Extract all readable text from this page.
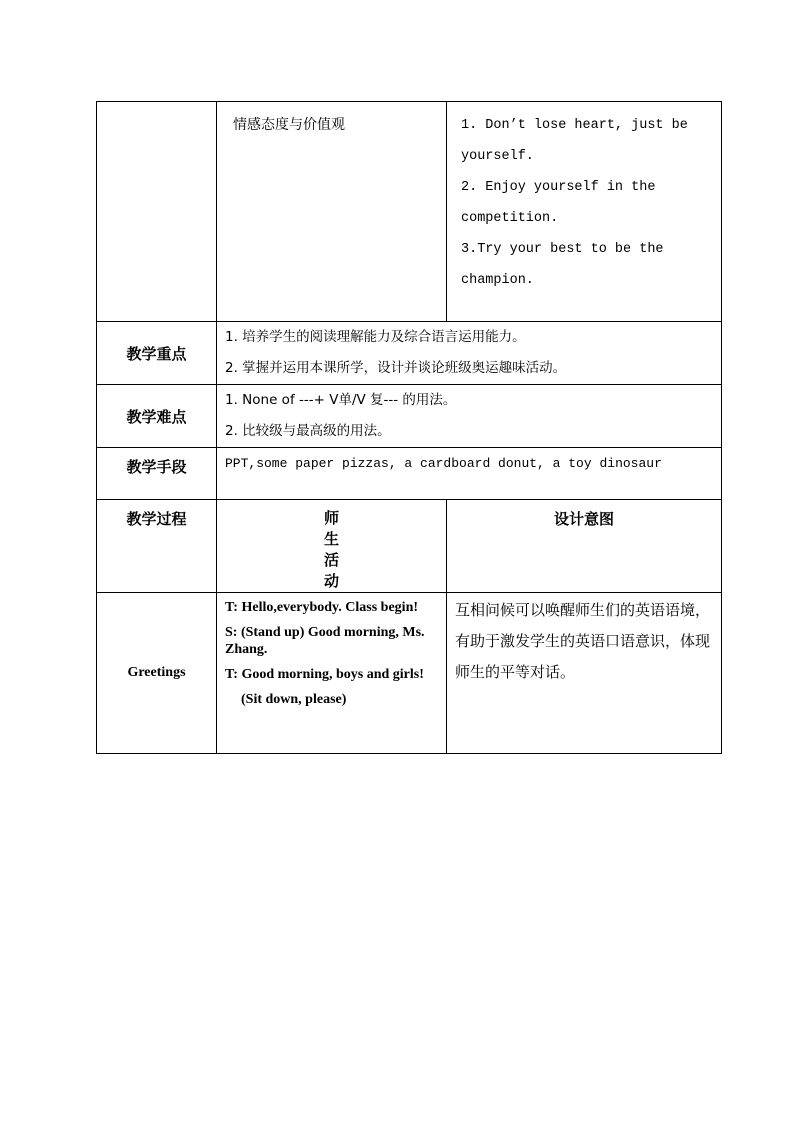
	情感态度与价值观	1. Don’t lose heart, just be yourself.

2. Enjoy yourself in the competition.

3.Try your best to be the champion.

教学重点	1. 培养学生的阅读理解能力及综合语言运用能力。

2. 掌握并运用本课所学，设计并谈论班级奥运趣味活动。	

教学难点	1. None of ---+ V单/V 复--- 的用法。

2. 比较级与最高级的用法。	

教学手段	PPT,some paper pizzas, a cardboard donut, a toy dinosaur	
教学过程	师
生
活
动	设计意图
Greetings	T: Hello,everybody. Class begin!

S: (Stand up) Good morning, Ms. Zhang.

T: Good morning, boys and girls!

(Sit down, please)	互相问候可以唤醒师生们的英语语境，有助于激发学生的英语口语意识，体现师生的平等对话。
